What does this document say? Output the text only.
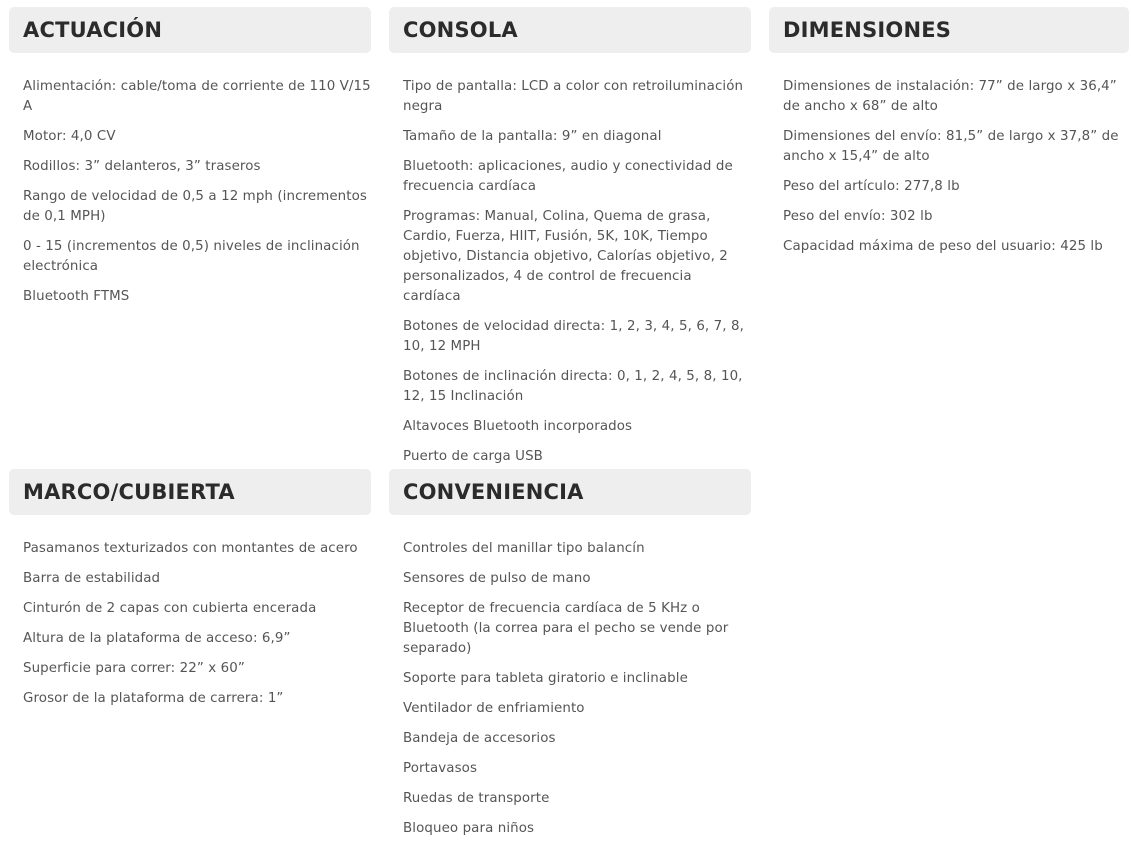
ACTUACIÓN
Alimentación: cable/toma de corriente de 110 V/15 A
Motor: 4,0 CV
Rodillos: 3” delanteros, 3” traseros
Rango de velocidad de 0,5 a 12 mph (incrementos de 0,1 MPH)
0 - 15 (incrementos de 0,5) niveles de inclinación electrónica
Bluetooth FTMS
CONSOLA
Tipo de pantalla: LCD a color con retroiluminación negra
Tamaño de la pantalla: 9” en diagonal
Bluetooth: aplicaciones, audio y conectividad de frecuencia cardíaca
Programas: Manual, Colina, Quema de grasa, Cardio, Fuerza, HIIT, Fusión, 5K, 10K, Tiempo objetivo, Distancia objetivo, Calorías objetivo, 2 personalizados, 4 de control de frecuencia cardíaca
Botones de velocidad directa: 1, 2, 3, 4, 5, 6, 7, 8, 10, 12 MPH
Botones de inclinación directa: 0, 1, 2, 4, 5, 8, 10, 12, 15 Inclinación
Altavoces Bluetooth incorporados
Puerto de carga USB
DIMENSIONES
Dimensiones de instalación: 77” de largo x 36,4” de ancho x 68” de alto
Dimensiones del envío: 81,5” de largo x 37,8” de ancho x 15,4” de alto
Peso del artículo: 277,8 lb
Peso del envío: 302 lb
Capacidad máxima de peso del usuario: 425 lb
MARCO/CUBIERTA
Pasamanos texturizados con montantes de acero
Barra de estabilidad
Cinturón de 2 capas con cubierta encerada
Altura de la plataforma de acceso: 6,9”
Superficie para correr: 22” x 60”
Grosor de la plataforma de carrera: 1”
CONVENIENCIA
Controles del manillar tipo balancín
Sensores de pulso de mano
Receptor de frecuencia cardíaca de 5 KHz o Bluetooth (la correa para el pecho se vende por separado)
Soporte para tableta giratorio e inclinable
Ventilador de enfriamiento
Bandeja de accesorios
Portavasos
Ruedas de transporte
Bloqueo para niños
